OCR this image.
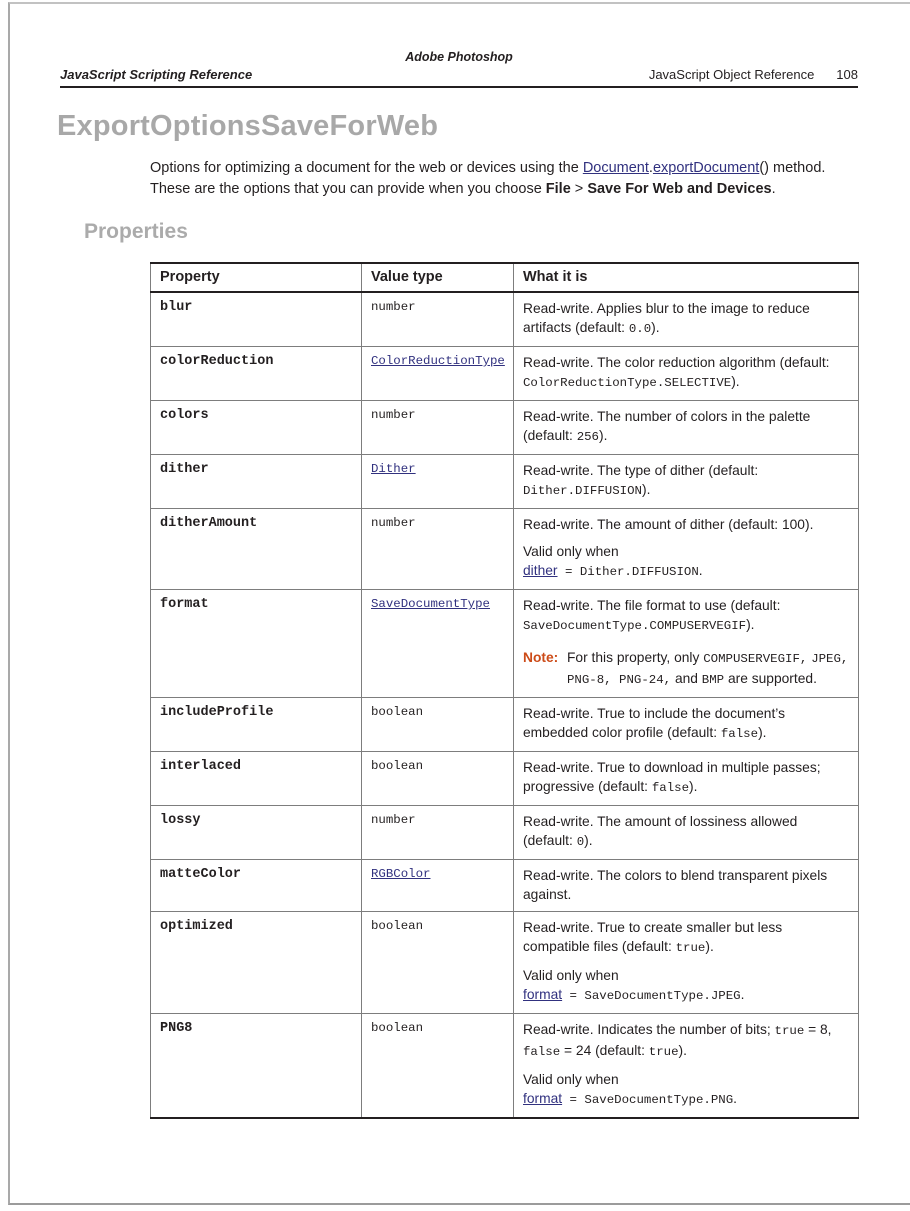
Adobe Photoshop
JavaScript Scripting Reference	JavaScript Object Reference 108
ExportOptionsSaveForWeb
Options for optimizing a document for the web or devices using the Document.exportDocument() method. These are the options that you can provide when you choose File > Save For Web and Devices.
Properties
Property	Value type	What it is
blur	number	Read-write. Applies blur to the image to reduce artifacts (default: 0.0).

colorReduction	ColorReductionType	Read-write. The color reduction algorithm (default: ColorReductionType.SELECTIVE).

colors	number	Read-write. The number of colors in the palette (default: 256).

dither	Dither	Read-write. The type of dither (default: Dither.DIFFUSION).

ditherAmount	number	Read-write. The amount of dither (default: 100).
Valid only when
dither = Dither.DIFFUSION.

format	SaveDocumentType	Read-write. The file format to use (default: SaveDocumentType.COMPUSERVEGIF).
Note: For this property, only COMPUSERVEGIF, JPEG, PNG-8, PNG-24, and BMP are supported.

includeProfile	boolean	Read-write. True to include the document’s embedded color profile (default: false).

interlaced	boolean	Read-write. True to download in multiple passes; progressive (default: false).

lossy	number	Read-write. The amount of lossiness allowed (default: 0).

matteColor	RGBColor	Read-write. The colors to blend transparent pixels against.

optimized	boolean	Read-write. True to create smaller but less compatible files (default: true).
Valid only when
format = SaveDocumentType.JPEG.

PNG8	boolean	Read-write. Indicates the number of bits; true = 8, false = 24 (default: true).
Valid only when
format = SaveDocumentType.PNG.
